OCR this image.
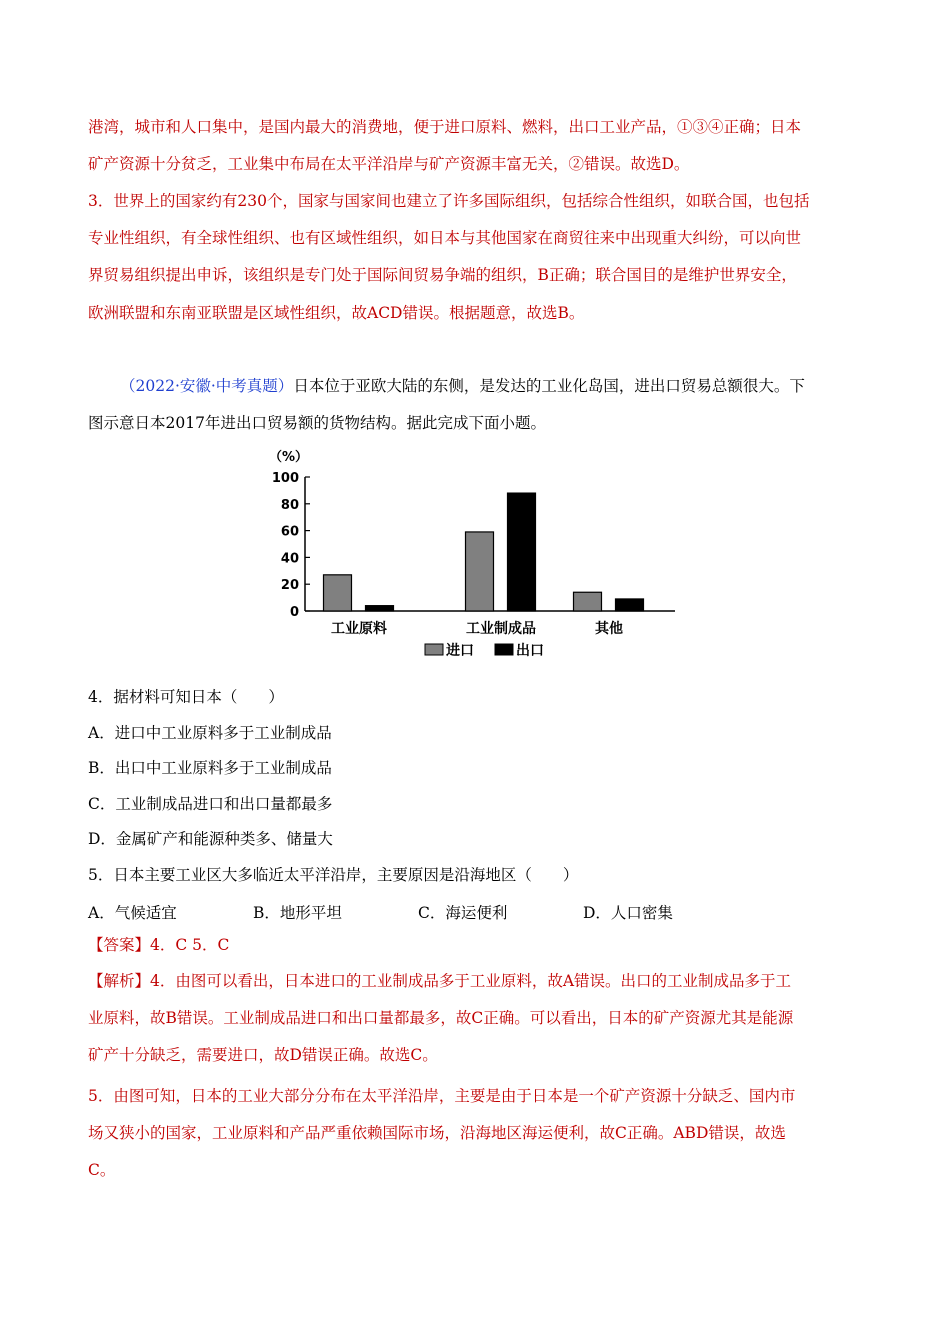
港湾，城市和人口集中，是国内最大的消费地，便于进口原料、燃料，出口工业产品，①③④正确；日本
矿产资源十分贫乏，工业集中布局在太平洋沿岸与矿产资源丰富无关，②错误。故选D。
3．世界上的国家约有230个，国家与国家间也建立了许多国际组织，包括综合性组织，如联合国，也包括
专业性组织，有全球性组织、也有区域性组织，如日本与其他国家在商贸往来中出现重大纠纷，可以向世
界贸易组织提出申诉，该组织是专门处于国际间贸易争端的组织，B正确；联合国目的是维护世界安全，
欧洲联盟和东南亚联盟是区域性组织，故ACD错误。根据题意，故选B。
（2022·安徽·中考真题）日本位于亚欧大陆的东侧，是发达的工业化岛国，进出口贸易总额很大。下
图示意日本2017年进出口贸易额的货物结构。据此完成下面小题。
（%）
0
20
40
60
80
100
工业原料	工业制成品	其他
进口	出口
4．据材料可知日本（　　）
A．进口中工业原料多于工业制成品
B．出口中工业原料多于工业制成品
C．工业制成品进口和出口量都最多
D．金属矿产和能源种类多、储量大
5．日本主要工业区大多临近太平洋沿岸，主要原因是沿海地区（　　）
A．气候适宜	B．地形平坦	C．海运便利	D．人口密集
【答案】4．C 5．C
【解析】4．由图可以看出，日本进口的工业制成品多于工业原料，故A错误。出口的工业制成品多于工
业原料，故B错误。工业制成品进口和出口量都最多，故C正确。可以看出，日本的矿产资源尤其是能源
矿产十分缺乏，需要进口，故D错误正确。故选C。
5．由图可知，日本的工业大部分分布在太平洋沿岸，主要是由于日本是一个矿产资源十分缺乏、国内市
场又狭小的国家，工业原料和产品严重依赖国际市场，沿海地区海运便利，故C正确。ABD错误，故选
C。
